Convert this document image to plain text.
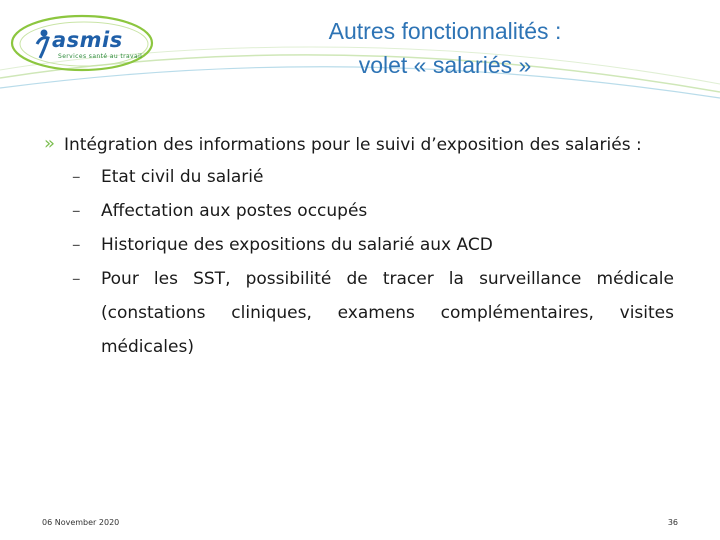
asmis
Services santé au travail
Autres fonctionnalités :
volet « salariés »
» Intégration des informations pour le suivi d’exposition des salariés :
– Etat civil du salarié
– Affectation aux postes occupés
– Historique des expositions du salarié aux ACD
– Pour les SST, possibilité de tracer la surveillance médicale (constations cliniques, examens complémentaires, visites médicales)
06 November 2020	36
